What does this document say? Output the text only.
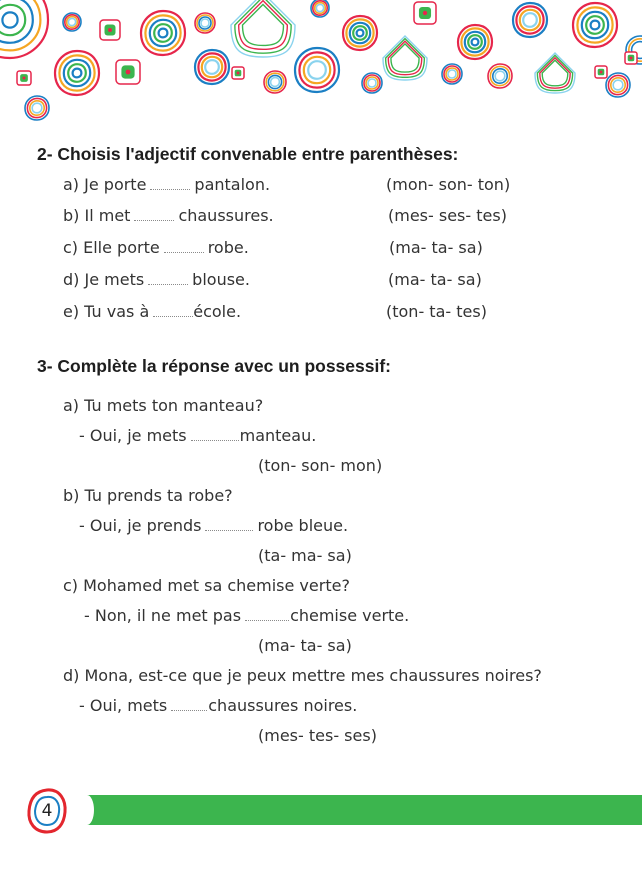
2- Choisis l'adjectif convenable entre parenthèses:
a) Je porte	pantalon.	(mon- son- ton)
b) Il met	chaussures.	(mes- ses- tes)
c) Elle porte	robe.	(ma- ta- sa)
d) Je mets	blouse.	(ma- ta- sa)
e) Tu vas à	école.	(ton- ta- tes)
3- Complète la réponse avec un possessif:
a) Tu mets ton manteau?
- Oui, je mets	manteau.
(ton- son- mon)
b) Tu prends ta robe?
- Oui, je prends	robe bleue.
(ta- ma- sa)
c) Mohamed met sa chemise verte?
- Non, il ne met pas	chemise verte.
(ma- ta- sa)
d) Mona, est-ce que je peux mettre mes chaussures noires?
- Oui, mets	chaussures noires.
(mes- tes- ses)
4
